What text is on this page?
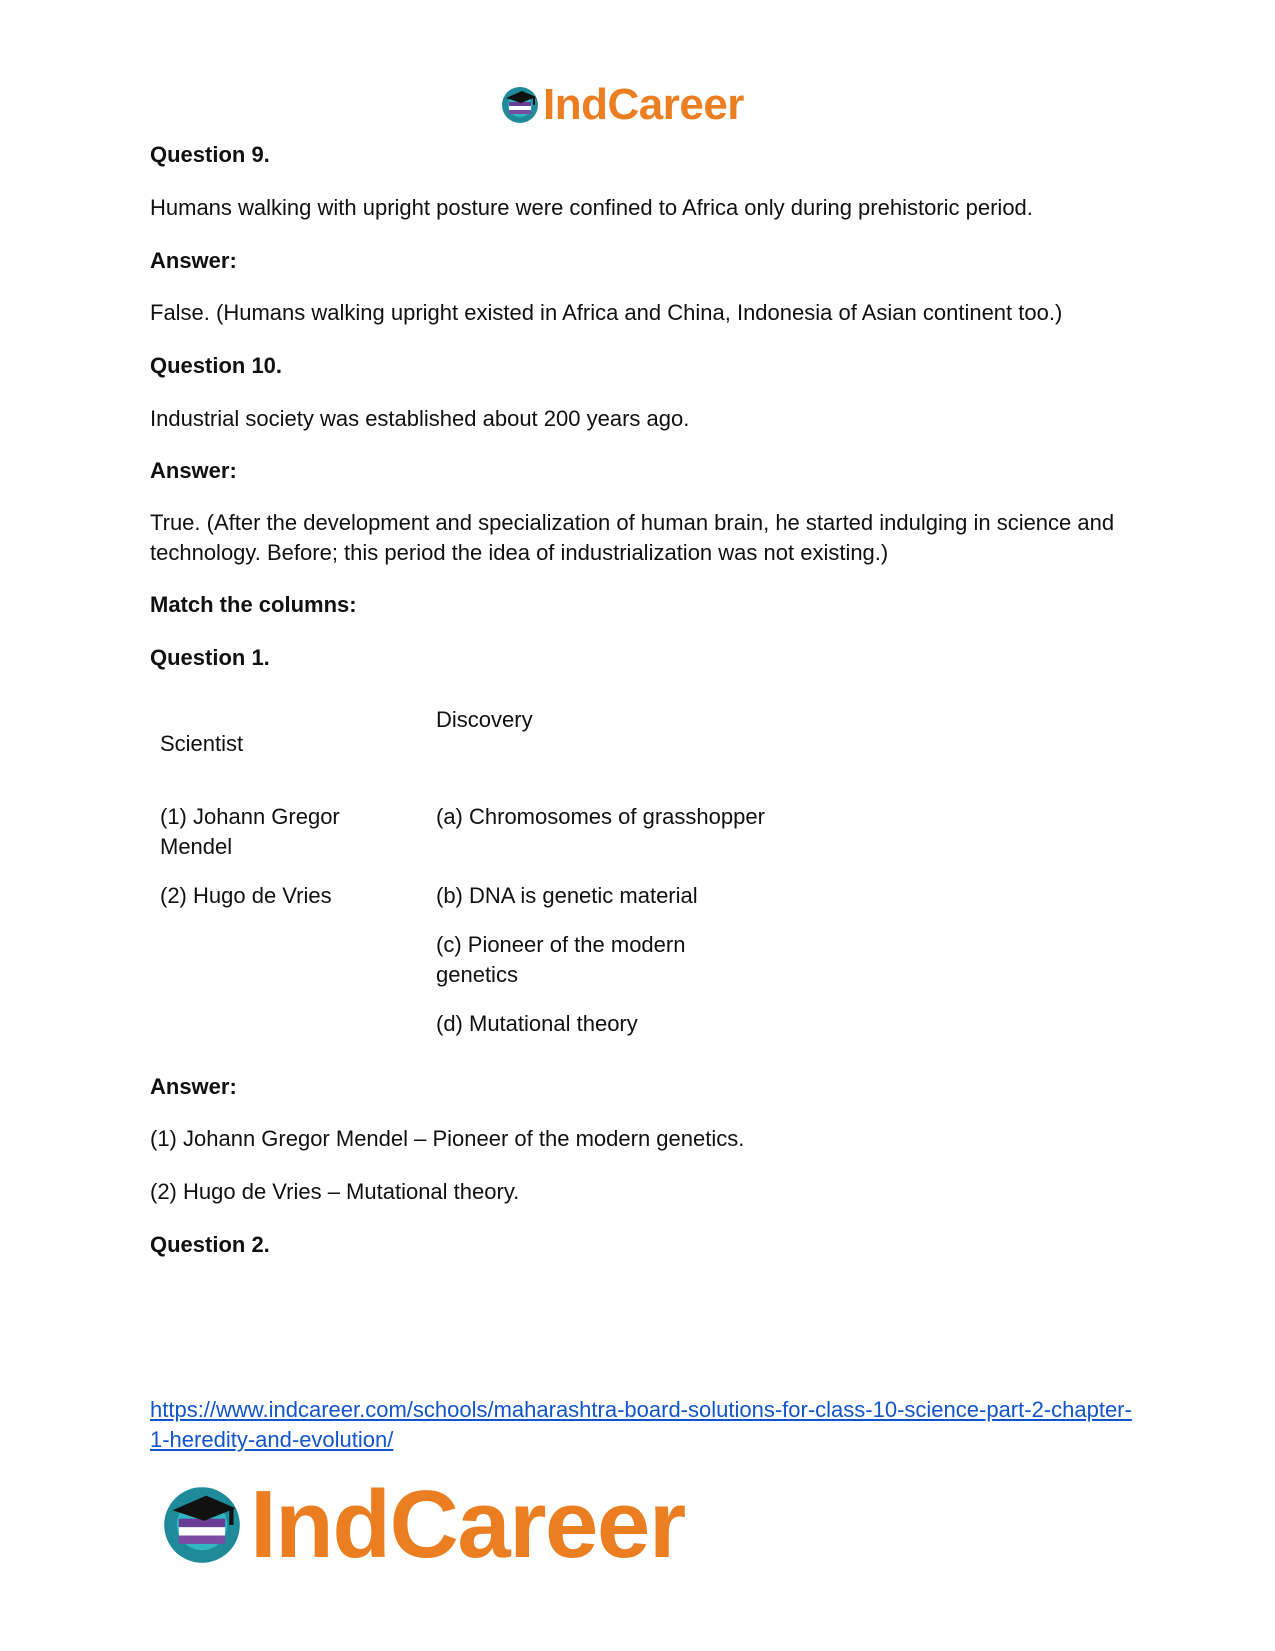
IndCareer
Question 9.
Humans walking with upright posture were confined to Africa only during prehistoric period.
Answer:
False. (Humans walking upright existed in Africa and China, Indonesia of Asian continent too.)
Question 10.
Industrial society was established about 200 years ago.
Answer:
True. (After the development and specialization of human brain, he started indulging in science and technology. Before; this period the idea of industrialization was not existing.)
Match the columns:
Question 1.
Scientist
Discovery
(1) Johann Gregor Mendel
(2) Hugo de Vries
(a) Chromosomes of grasshopper
(b) DNA is genetic material
(c) Pioneer of the modern genetics
(d) Mutational theory
Answer:
(1) Johann Gregor Mendel – Pioneer of the modern genetics.
(2) Hugo de Vries – Mutational theory.
Question 2.
https://www.indcareer.com/schools/maharashtra-board-solutions-for-class-10-science-part-2-chapter-1-heredity-and-evolution/
IndCareer
